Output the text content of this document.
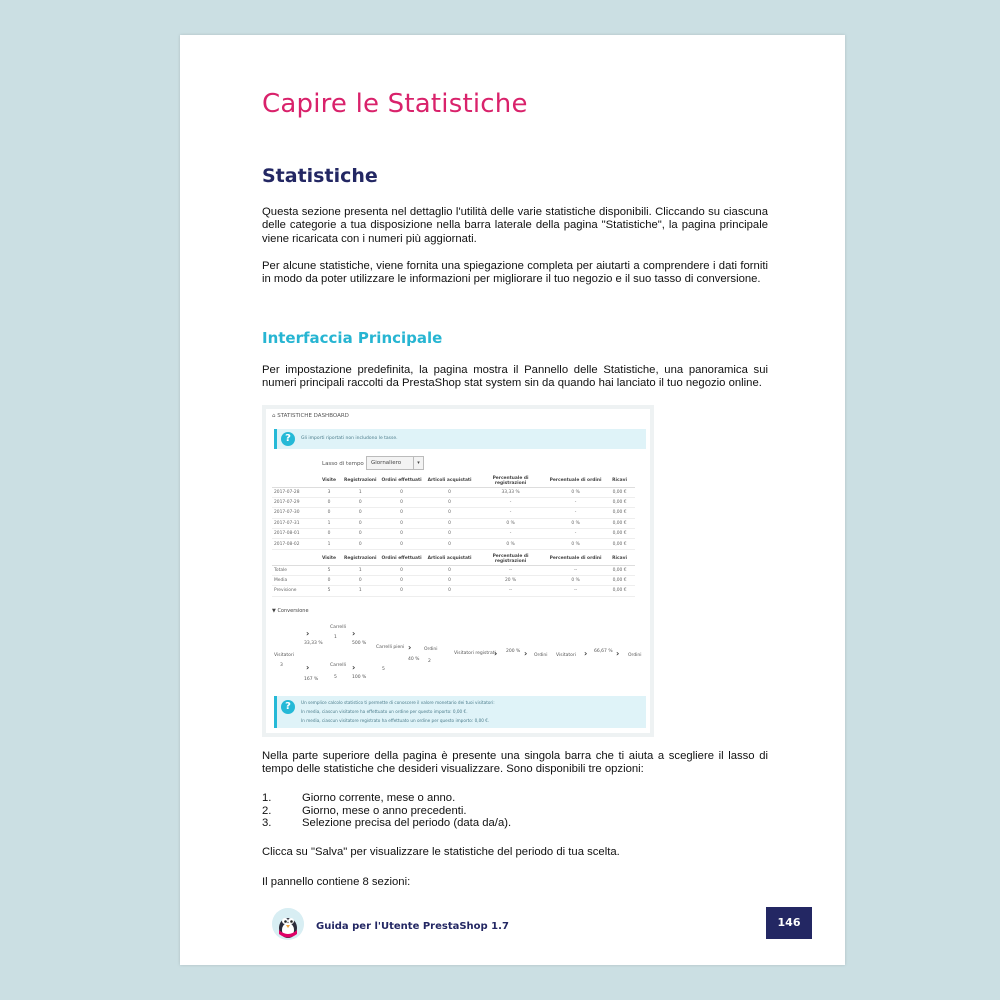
Capire le Statistiche
Statistiche
Questa sezione presenta nel dettaglio l'utilità delle varie statistiche disponibili. Cliccando su ciascuna delle categorie a tua disposizione nella barra laterale della pagina "Statistiche", la pagina principale viene ricaricata con i numeri più aggiornati.
Per alcune statistiche, viene fornita una spiegazione completa per aiutarti a comprendere i dati forniti in modo da poter utilizzare le informazioni per migliorare il tuo negozio e il suo tasso di conversione.
Interfaccia Principale
Per impostazione predefinita, la pagina mostra il Pannello delle Statistiche, una panoramica sui numeri principali raccolti da PrestaShop stat system sin da quando hai lanciato il tuo negozio online.
⌂ STATISTICHE DASHBOARD
?	Gli importi riportati non includono le tasse.
Lasso di tempo	Giornaliero	▾
	Visite	Registrazioni	Ordini effettuati	Articoli acquistati	Percentuale di registrazioni	Percentuale di ordini	Ricavi
2017-07-28	3	1	0	0	33,33 %	0 %	0,00 €
2017-07-29	0	0	0	0	-	-	0,00 €
2017-07-30	0	0	0	0	-	-	0,00 €
2017-07-31	1	0	0	0	0 %	0 %	0,00 €
2017-08-01	0	0	0	0	-	-	0,00 €
2017-08-02	1	0	0	0	0 %	0 %	0,00 €
	Visite	Registrazioni	Ordini effettuati	Articoli acquistati	Percentuale di registrazioni	Percentuale di ordini	Ricavi
Totale	5	1	0	0	--	--	0,00 €
Media	0	0	0	0	20 %	0 %	0,00 €
Previsione	5	1	0	0	--	--	0,00 €
▼ Conversione
Visitatori
3
›
33,33 %
›
167 %
Carrelli
1
Carrelli
5
›
500 %
›
100 %
Carrelli pieni
5
›
40 %
Ordini
2
Visitatori registrati
› 200 % › Ordini Visitatori › 66,67 % › Ordini
?	Un semplice calcolo statistico ti permette di conoscere il valore monetario dei tuoi visitatori:
In media, ciascun visitatore ha effettuato un ordine per questo importo: 0,00 €.
In media, ciascun visitatore registrato ha effettuato un ordine per questo importo: 0,00 €.
Nella parte superiore della pagina è presente una singola barra che ti aiuta a scegliere il lasso di tempo delle statistiche che desideri visualizzare. Sono disponibili tre opzioni:
1.	Giorno corrente, mese o anno.
2.	Giorno, mese o anno precedenti.
3.	Selezione precisa del periodo (data da/a).
Clicca su "Salva" per visualizzare le statistiche del periodo di tua scelta.
Il pannello contiene 8 sezioni:
Guida per l'Utente PrestaShop 1.7	146
